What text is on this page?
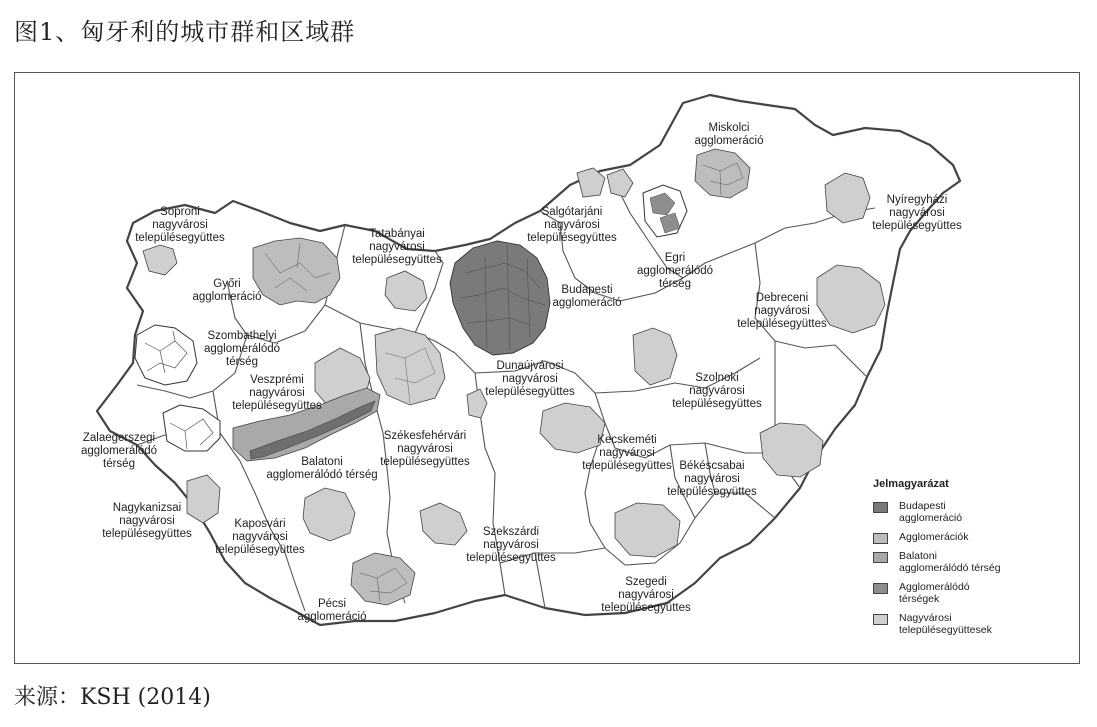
图1、匈牙利的城市群和区域群
Soproni nagyvárosi településegyüttes
Győri agglomeráció
Szombathelyi agglomerálódó térség
Veszprémi nagyvárosi településegyüttes
Zalaegerszegi agglomerálódó térség
Nagykanizsai nagyvárosi településegyüttes
Kaposvári nagyvárosi településegyüttes
Pécsi agglomeráció
Balatoni agglomerálódó térség
Székesfehérvári nagyvárosi településegyüttes
Tatabányai nagyvárosi településegyüttes
Budapesti agglomeráció
Dunaújvárosi nagyvárosi településegyüttes
Szekszárdi nagyvárosi településegyüttes
Salgótarjáni nagyvárosi településegyüttes
Miskolci agglomeráció
Egri agglomerálódó térség
Nyíregyházi nagyvárosi településegyüttes
Debreceni nagyvárosi településegyüttes
Szolnoki nagyvárosi településegyüttes
Kecskeméti nagyvárosi településegyüttes Békéscsabai nagyvárosi településegyüttes
Szegedi nagyvárosi településegyüttes
Jelmagyarázat
Budapesti agglomeráció
Agglomerációk
Balatoni agglomerálódó térség
Agglomerálódó térségek
Nagyvárosi településegyüttesek
来源：KSH (2014)
